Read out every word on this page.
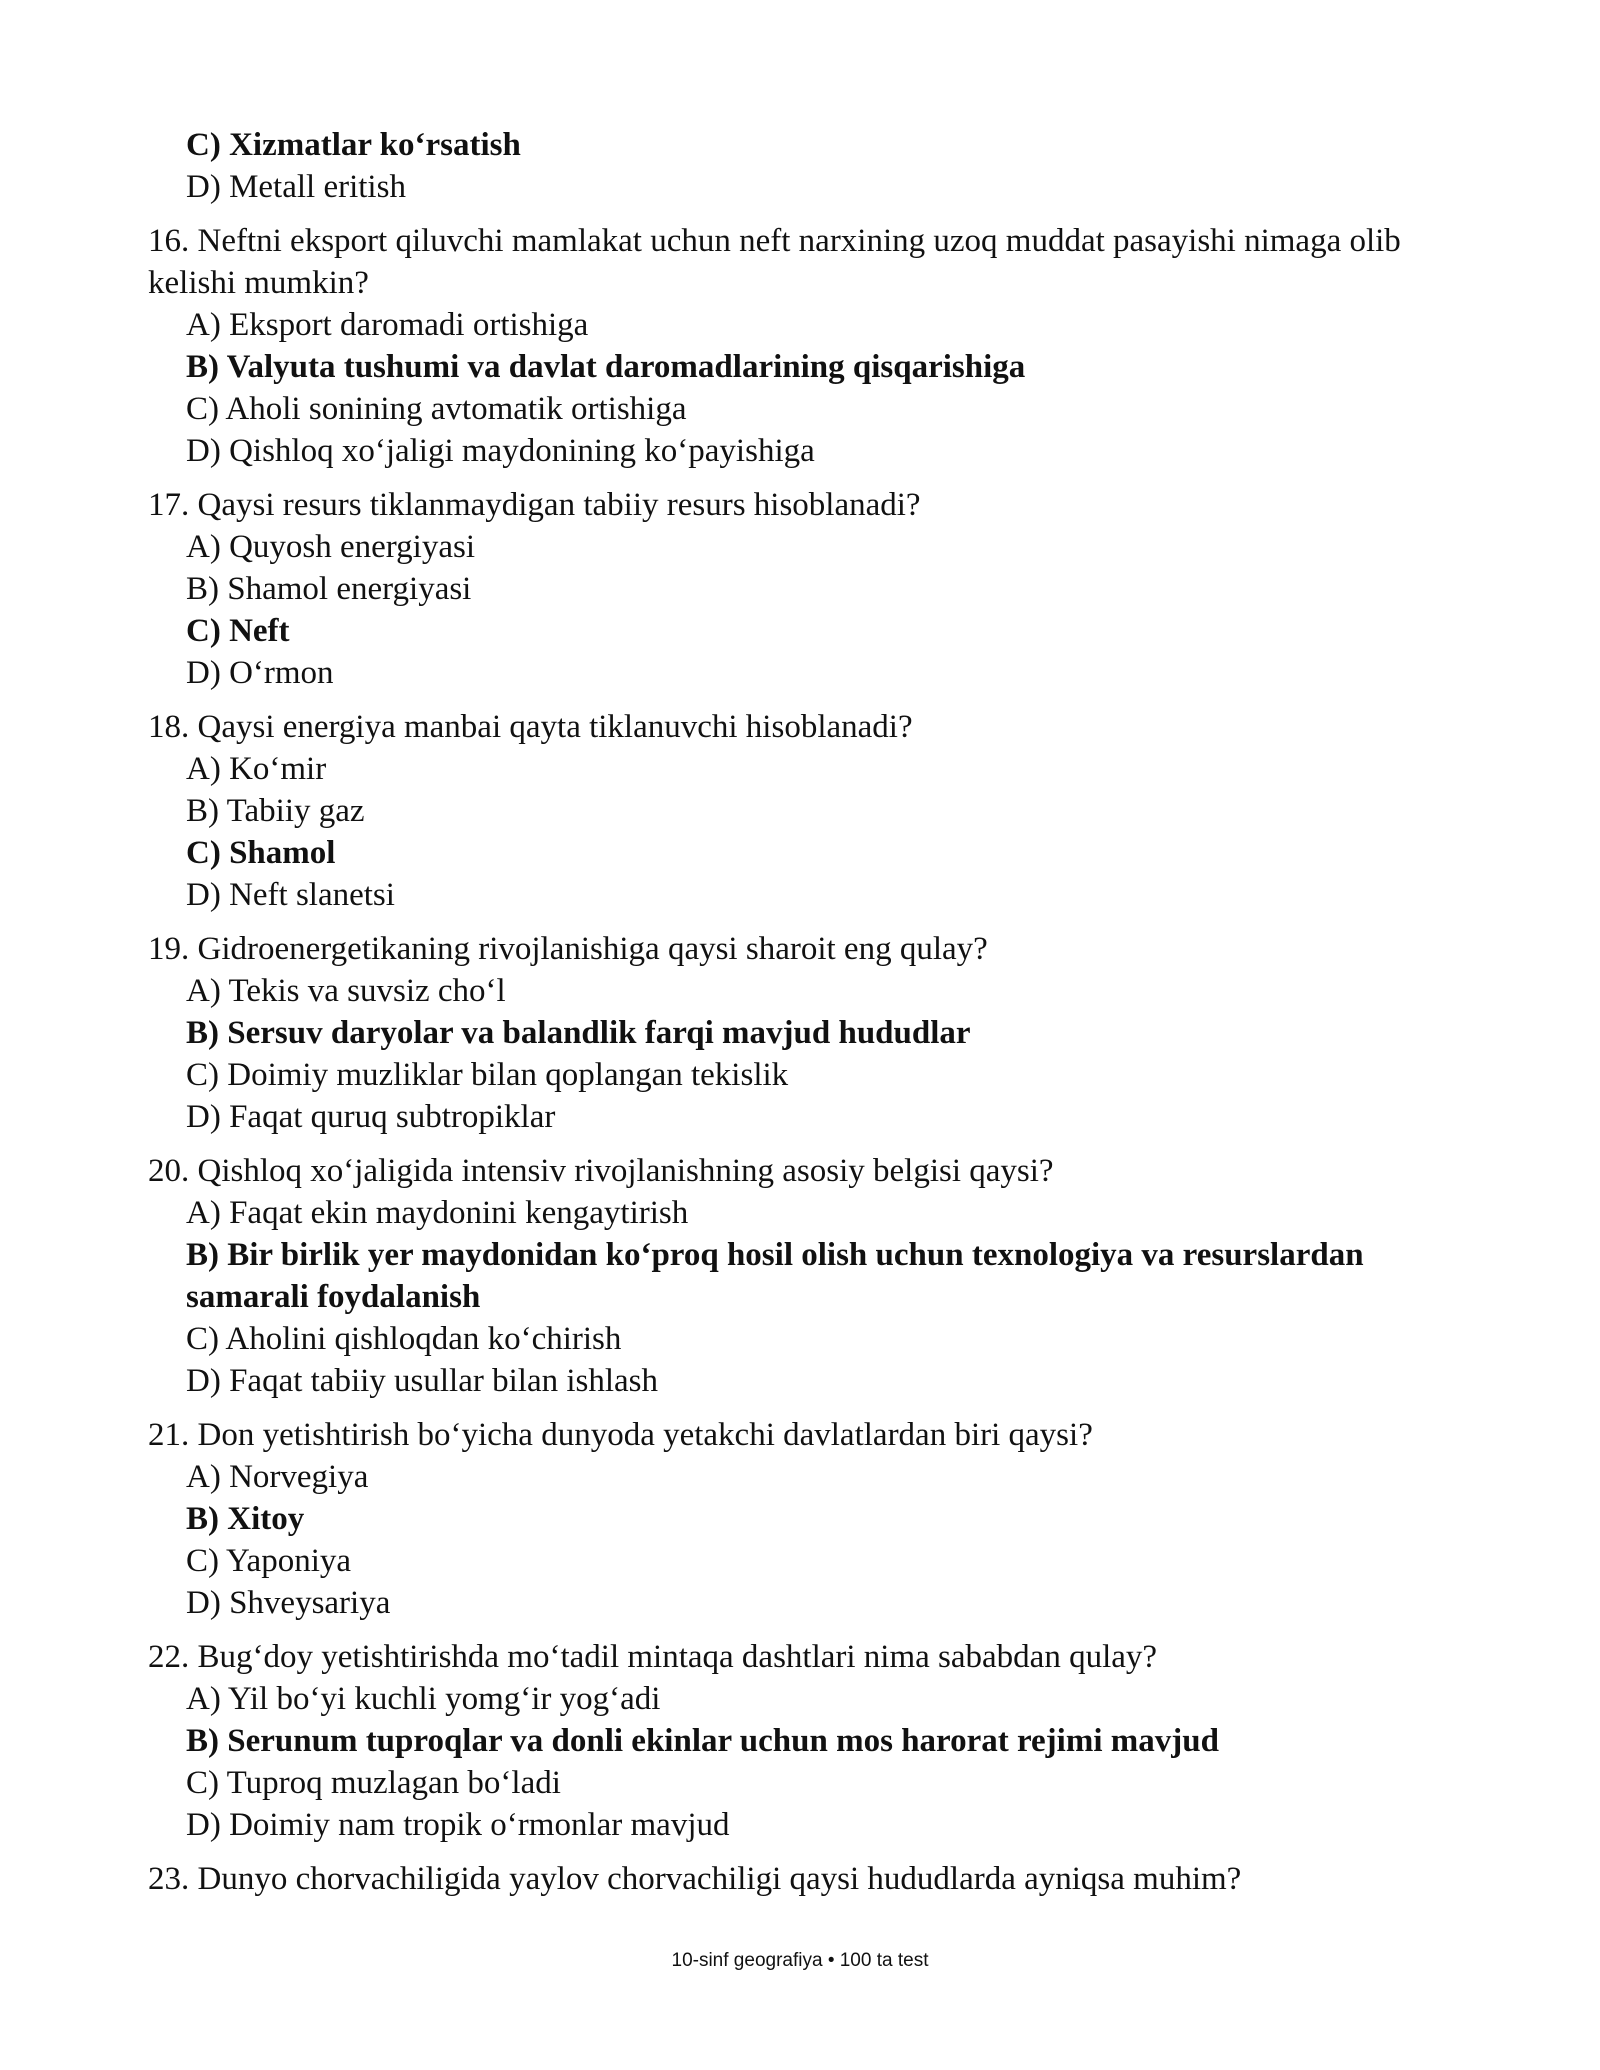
C) Xizmatlar ko‘rsatish
D) Metall eritish
16. Neftni eksport qiluvchi mamlakat uchun neft narxining uzoq muddat pasayishi nimaga olib kelishi mumkin?
A) Eksport daromadi ortishiga
B) Valyuta tushumi va davlat daromadlarining qisqarishiga
C) Aholi sonining avtomatik ortishiga
D) Qishloq xo‘jaligi maydonining ko‘payishiga
17. Qaysi resurs tiklanmaydigan tabiiy resurs hisoblanadi?
A) Quyosh energiyasi
B) Shamol energiyasi
C) Neft
D) O‘rmon
18. Qaysi energiya manbai qayta tiklanuvchi hisoblanadi?
A) Ko‘mir
B) Tabiiy gaz
C) Shamol
D) Neft slanetsi
19. Gidroenergetikaning rivojlanishiga qaysi sharoit eng qulay?
A) Tekis va suvsiz cho‘l
B) Sersuv daryolar va balandlik farqi mavjud hududlar
C) Doimiy muzliklar bilan qoplangan tekislik
D) Faqat quruq subtropiklar
20. Qishloq xo‘jaligida intensiv rivojlanishning asosiy belgisi qaysi?
A) Faqat ekin maydonini kengaytirish
B) Bir birlik yer maydonidan ko‘proq hosil olish uchun texnologiya va resurslardan samarali foydalanish
C) Aholini qishloqdan ko‘chirish
D) Faqat tabiiy usullar bilan ishlash
21. Don yetishtirish bo‘yicha dunyoda yetakchi davlatlardan biri qaysi?
A) Norvegiya
B) Xitoy
C) Yaponiya
D) Shveysariya
22. Bug‘doy yetishtirishda mo‘tadil mintaqa dashtlari nima sababdan qulay?
A) Yil bo‘yi kuchli yomg‘ir yog‘adi
B) Serunum tuproqlar va donli ekinlar uchun mos harorat rejimi mavjud
C) Tuproq muzlagan bo‘ladi
D) Doimiy nam tropik o‘rmonlar mavjud
23. Dunyo chorvachiligida yaylov chorvachiligi qaysi hududlarda ayniqsa muhim?
10-sinf geografiya • 100 ta test
